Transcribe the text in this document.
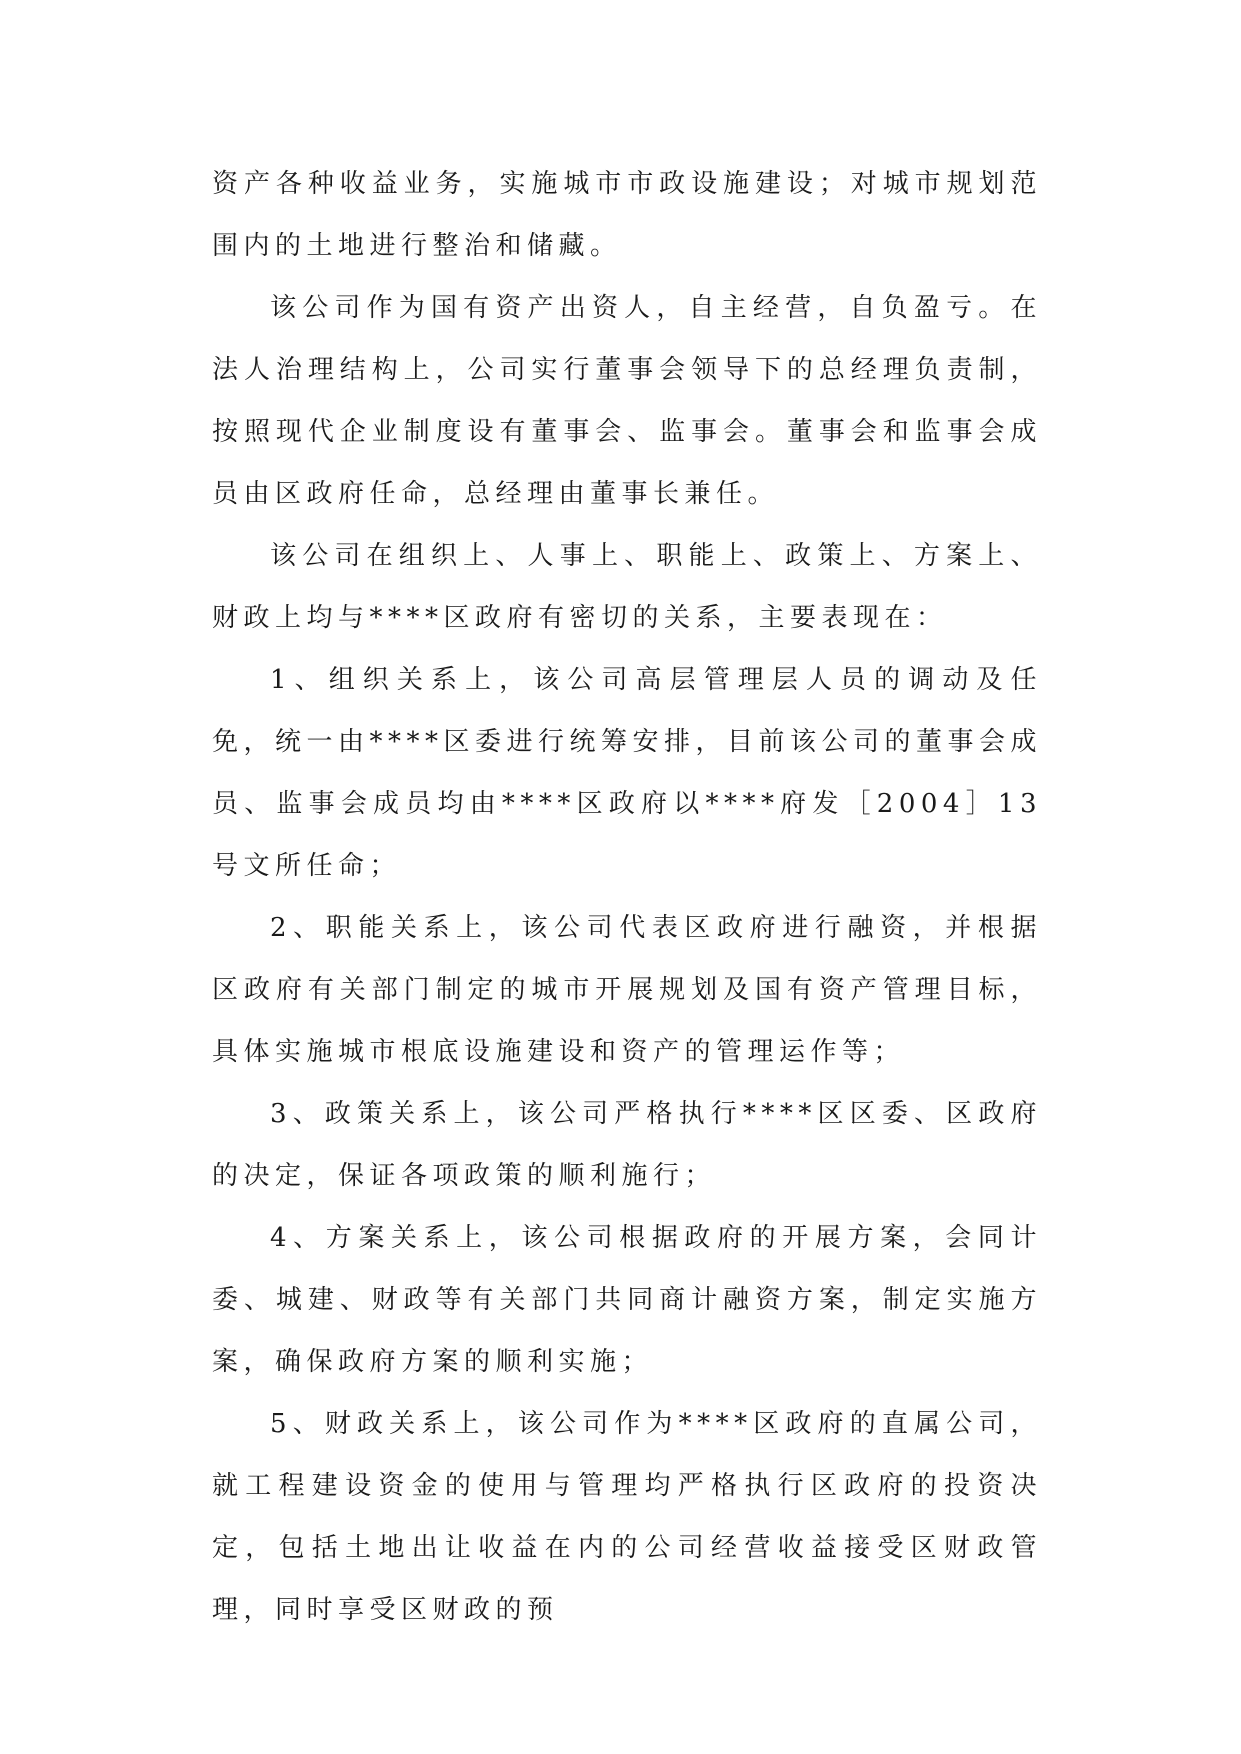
资产各种收益业务，实施城市市政设施建设；对城市规划范围内的土地进行整治和储藏。

该公司作为国有资产出资人，自主经营，自负盈亏。在法人治理结构上，公司实行董事会领导下的总经理负责制，按照现代企业制度设有董事会、监事会。董事会和监事会成员由区政府任命，总经理由董事长兼任。

该公司在组织上、人事上、职能上、政策上、方案上、财政上均与****区政府有密切的关系，主要表现在：

1、组织关系上，该公司高层管理层人员的调动及任免，统一由****区委进行统筹安排，目前该公司的董事会成员、监事会成员均由****区政府以****府发［2004］13号文所任命；

2、职能关系上，该公司代表区政府进行融资，并根据区政府有关部门制定的城市开展规划及国有资产管理目标，具体实施城市根底设施建设和资产的管理运作等；

3、政策关系上，该公司严格执行****区区委、区政府的决定，保证各项政策的顺利施行；

4、方案关系上，该公司根据政府的开展方案，会同计委、城建、财政等有关部门共同商计融资方案，制定实施方案，确保政府方案的顺利实施；

5、财政关系上，该公司作为****区政府的直属公司，就工程建设资金的使用与管理均严格执行区政府的投资决定，包括土地出让收益在内的公司经营收益接受区财政管理，同时享受区财政的预
